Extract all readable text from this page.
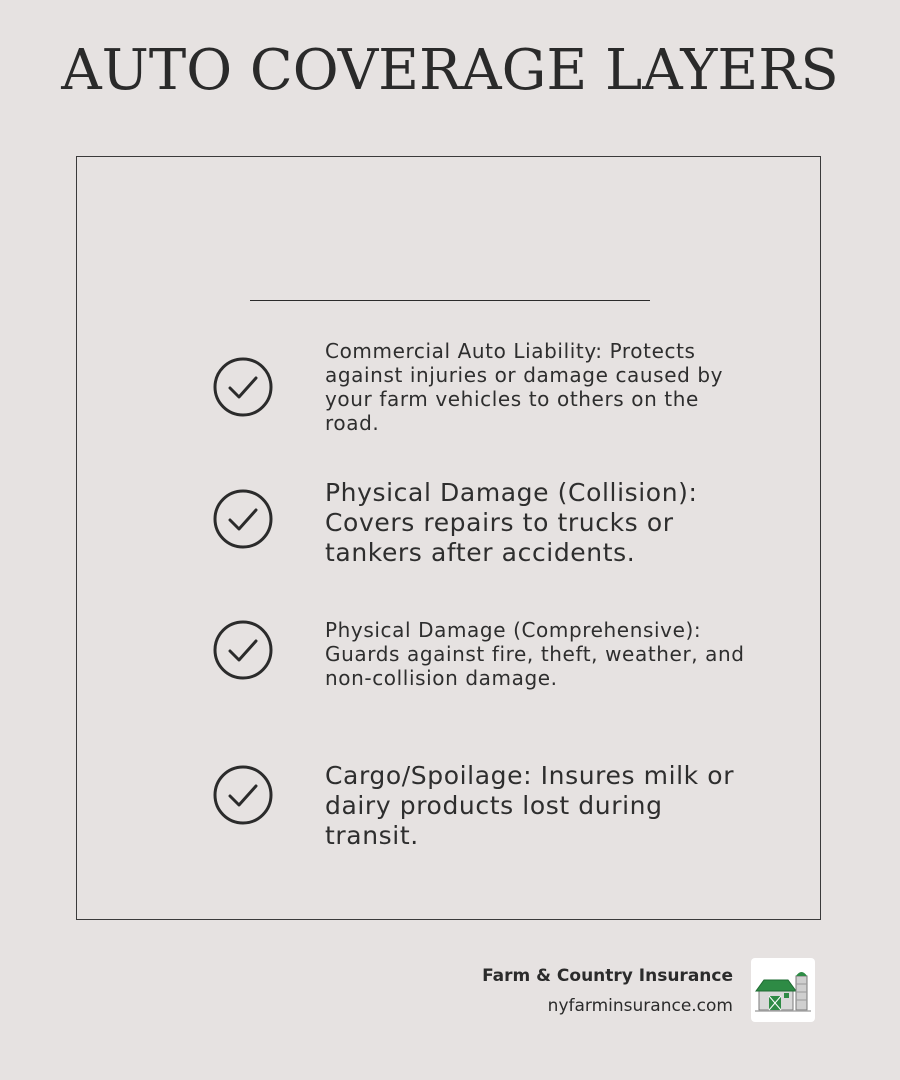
AUTO COVERAGE LAYERS
Commercial Auto Liability: Protects against injuries or damage caused by your farm vehicles to others on the road.
Physical Damage (Collision): Covers repairs to trucks or tankers after accidents.
Physical Damage (Comprehensive): Guards against fire, theft, weather, and non-collision damage.
Cargo/Spoilage: Insures milk or dairy products lost during transit.
Farm & Country Insurance
nyfarminsurance.com
